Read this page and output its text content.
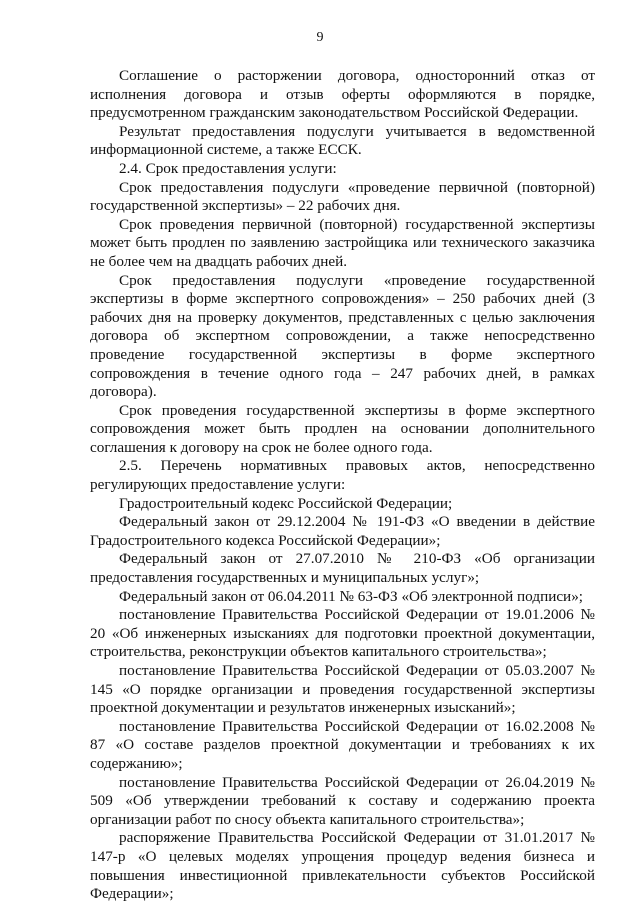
9

Соглашение о расторжении договора, односторонний отказ от исполнения договора и отзыв оферты оформляются в порядке, предусмотренном гражданским законодательством Российской Федерации.

Результат предоставления подуслуги учитывается в ведомственной информационной системе, а также ЕССК.

2.4. Срок предоставления услуги:

Срок предоставления подуслуги «проведение первичной (повторной) государственной экспертизы» – 22 рабочих дня.

Срок проведения первичной (повторной) государственной экспертизы может быть продлен по заявлению застройщика или технического заказчика не более чем на двадцать рабочих дней.

Срок предоставления подуслуги «проведение государственной экспертизы в форме экспертного сопровождения» – 250 рабочих дней (3 рабочих дня на проверку документов, представленных с целью заключения договора об экспертном сопровождении, а также непосредственно проведение государственной экспертизы в форме экспертного сопровождения в течение одного года – 247 рабочих дней, в рамках договора).

Срок проведения государственной экспертизы в форме экспертного сопровождения может быть продлен на основании дополнительного соглашения к договору на срок не более одного года.

2.5. Перечень нормативных правовых актов, непосредственно регулирующих предоставление услуги:

Градостроительный кодекс Российской Федерации;

Федеральный закон от 29.12.2004 № 191-ФЗ «О введении в действие Градостроительного кодекса Российской Федерации»;

Федеральный закон от 27.07.2010 № 210-ФЗ «Об организации предоставления государственных и муниципальных услуг»;

Федеральный закон от 06.04.2011 № 63-ФЗ «Об электронной подписи»;

постановление Правительства Российской Федерации от 19.01.2006 № 20 «Об инженерных изысканиях для подготовки проектной документации, строительства, реконструкции объектов капитального строительства»;

постановление Правительства Российской Федерации от 05.03.2007 № 145 «О порядке организации и проведения государственной экспертизы проектной документации и результатов инженерных изысканий»;

постановление Правительства Российской Федерации от 16.02.2008 № 87 «О составе разделов проектной документации и требованиях к их содержанию»;

постановление Правительства Российской Федерации от 26.04.2019 № 509 «Об утверждении требований к составу и содержанию проекта организации работ по сносу объекта капитального строительства»;

распоряжение Правительства Российской Федерации от 31.01.2017 № 147-р «О целевых моделях упрощения процедур ведения бизнеса и повышения инвестиционной привлекательности субъектов Российской Федерации»;
